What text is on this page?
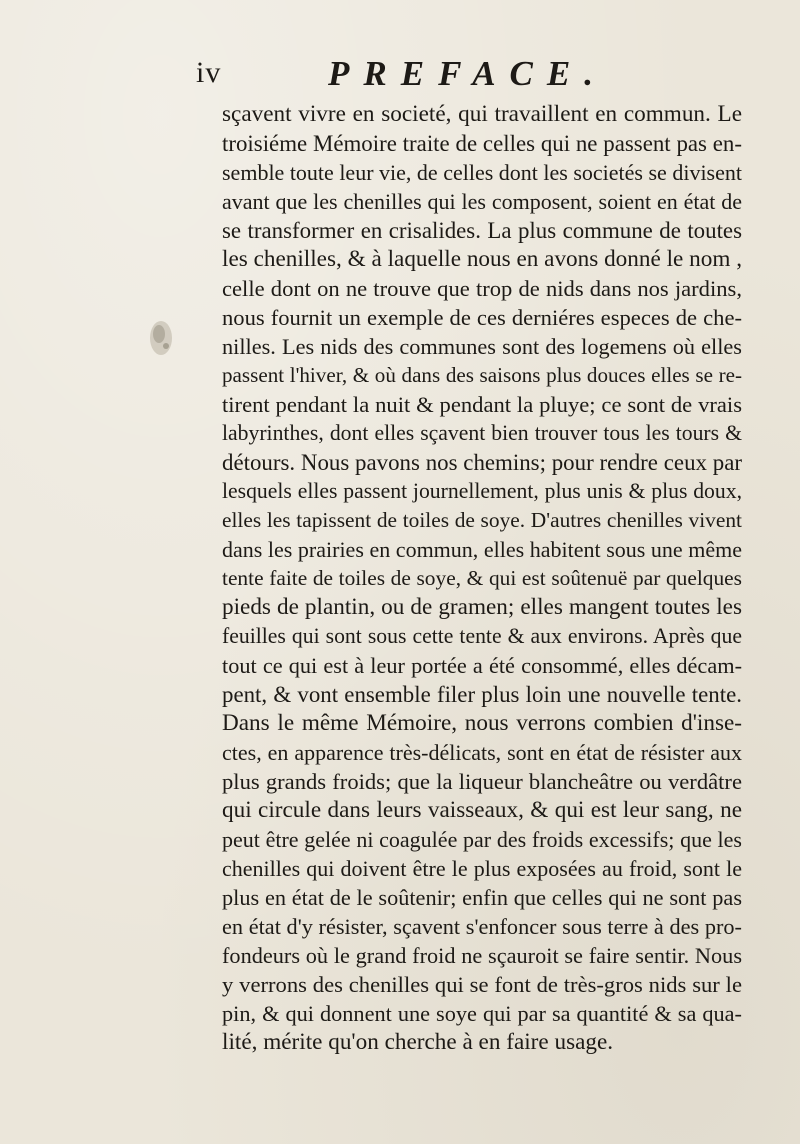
iv	PREFACE.
sçavent vivre en societé, qui travaillent en commun. Le
troisiéme Mémoire traite de celles qui ne passent pas en-
semble toute leur vie, de celles dont les societés se divisent
avant que les chenilles qui les composent, soient en état de
se transformer en crisalides. La plus commune de toutes
les chenilles, & à laquelle nous en avons donné le nom ,
celle dont on ne trouve que trop de nids dans nos jardins,
nous fournit un exemple de ces derniéres especes de che-
nilles. Les nids des communes sont des logemens où elles
passent l'hiver, & où dans des saisons plus douces elles se re-
tirent pendant la nuit & pendant la pluye; ce sont de vrais
labyrinthes, dont elles sçavent bien trouver tous les tours &
détours. Nous pavons nos chemins; pour rendre ceux par
lesquels elles passent journellement, plus unis & plus doux,
elles les tapissent de toiles de soye. D'autres chenilles vivent
dans les prairies en commun, elles habitent sous une même
tente faite de toiles de soye, & qui est soûtenuë par quelques
pieds de plantin, ou de gramen; elles mangent toutes les
feuilles qui sont sous cette tente & aux environs. Après que
tout ce qui est à leur portée a été consommé, elles décam-
pent, & vont ensemble filer plus loin une nouvelle tente.
Dans le même Mémoire, nous verrons combien d'inse-
ctes, en apparence très-délicats, sont en état de résister aux
plus grands froids; que la liqueur blancheâtre ou verdâtre
qui circule dans leurs vaisseaux, & qui est leur sang, ne
peut être gelée ni coagulée par des froids excessifs; que les
chenilles qui doivent être le plus exposées au froid, sont le
plus en état de le soûtenir; enfin que celles qui ne sont pas
en état d'y résister, sçavent s'enfoncer sous terre à des pro-
fondeurs où le grand froid ne sçauroit se faire sentir. Nous
y verrons des chenilles qui se font de très-gros nids sur le
pin, & qui donnent une soye qui par sa quantité & sa qua-
lité, mérite qu'on cherche à en faire usage.
